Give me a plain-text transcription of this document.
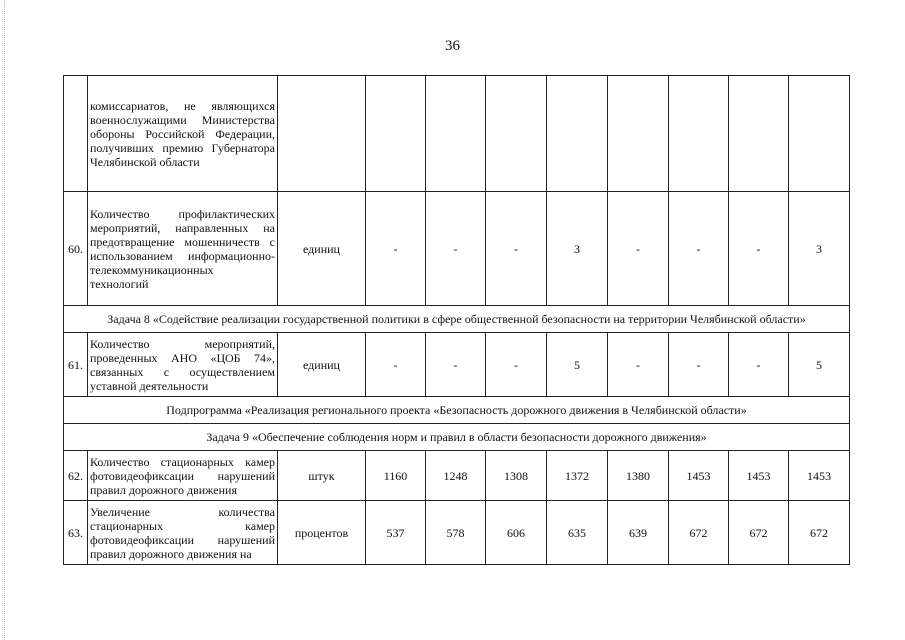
36
	комиссариатов, не являющихся военнослужащими Министерства обороны Российской Федерации, получивших премию Губернатора Челябинской области									
60.	Количество профилактических мероприятий, направленных на предотвращение мошенничеств с использованием информационно-телекоммуникационных технологий	единиц	-	-	-	3	-	-	-	3
Задача 8 «Содействие реализации государственной политики в сфере общественной безопасности на территории Челябинской области»										
61.	Количество мероприятий, проведенных АНО «ЦОБ 74», связанных с осуществлением уставной деятельности	единиц	-	-	-	5	-	-	-	5
Подпрограмма «Реализация регионального проекта «Безопасность дорожного движения в Челябинской области»										
Задача 9 «Обеспечение соблюдения норм и правил в области безопасности дорожного движения»										
62.	Количество стационарных камер фотовидеофиксации нарушений правил дорожного движения	штук	1160	1248	1308	1372	1380	1453	1453	1453
63.	Увеличение количества стационарных камер фотовидеофиксации нарушений правил дорожного движения на	процентов	537	578	606	635	639	672	672	672
